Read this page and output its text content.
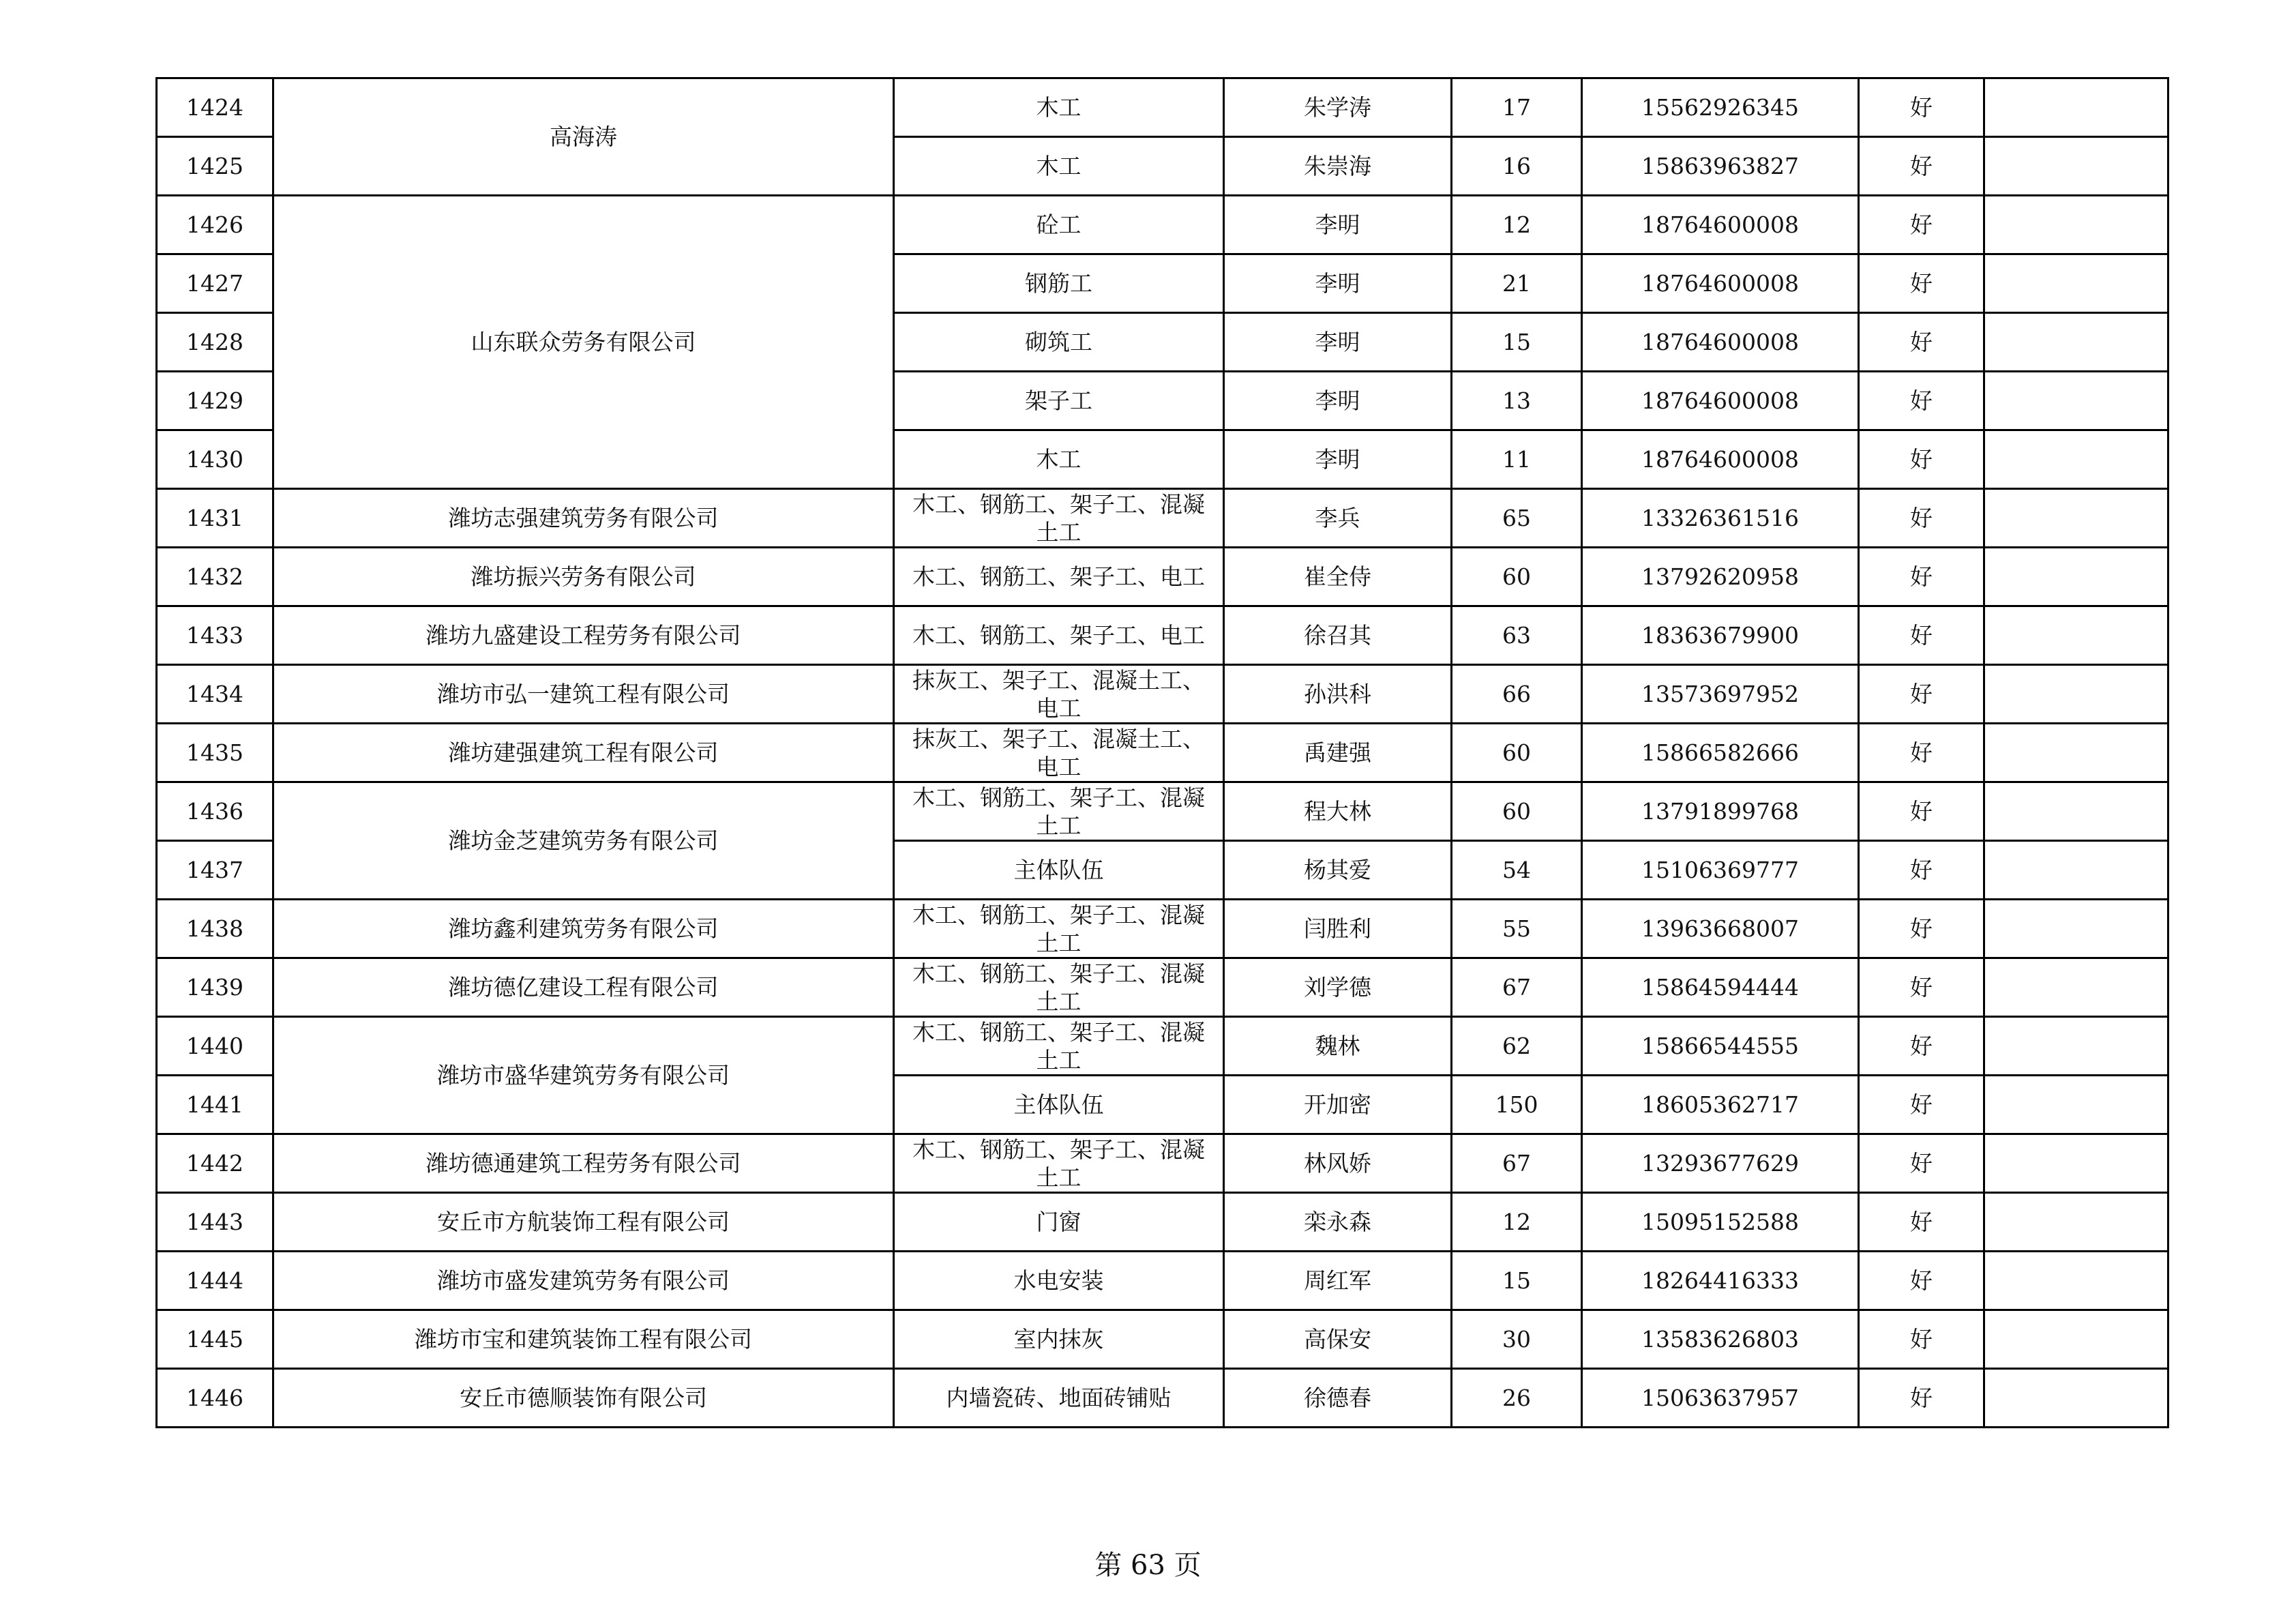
1424	高海涛	木工	朱学涛	17	15562926345	好	
1425		木工	朱崇海	16	15863963827	好	
1426	山东联众劳务有限公司	砼工	李明	12	18764600008	好	
1427		钢筋工	李明	21	18764600008	好	
1428		砌筑工	李明	15	18764600008	好	
1429		架子工	李明	13	18764600008	好	
1430		木工	李明	11	18764600008	好	
1431	潍坊志强建筑劳务有限公司	木工、钢筋工、架子工、混凝土工	李兵	65	13326361516	好	
1432	潍坊振兴劳务有限公司	木工、钢筋工、架子工、电工	崔全侍	60	13792620958	好	
1433	潍坊九盛建设工程劳务有限公司	木工、钢筋工、架子工、电工	徐召其	63	18363679900	好	
1434	潍坊市弘一建筑工程有限公司	抹灰工、架子工、混凝土工、电工	孙洪科	66	13573697952	好	
1435	潍坊建强建筑工程有限公司	抹灰工、架子工、混凝土工、电工	禹建强	60	15866582666	好	
1436	潍坊金芝建筑劳务有限公司	木工、钢筋工、架子工、混凝土工	程大林	60	13791899768	好	
1437		主体队伍	杨其爱	54	15106369777	好	
1438	潍坊鑫利建筑劳务有限公司	木工、钢筋工、架子工、混凝土工	闫胜利	55	13963668007	好	
1439	潍坊德亿建设工程有限公司	木工、钢筋工、架子工、混凝土工	刘学德	67	15864594444	好	
1440	潍坊市盛华建筑劳务有限公司	木工、钢筋工、架子工、混凝土工	魏林	62	15866544555	好	
1441		主体队伍	开加密	150	18605362717	好	
1442	潍坊德通建筑工程劳务有限公司	木工、钢筋工、架子工、混凝土工	林风娇	67	13293677629	好	
1443	安丘市方航装饰工程有限公司	门窗	栾永森	12	15095152588	好	
1444	潍坊市盛发建筑劳务有限公司	水电安装	周红军	15	18264416333	好	
1445	潍坊市宝和建筑装饰工程有限公司	室内抹灰	高保安	30	13583626803	好	
1446	安丘市德顺装饰有限公司	内墙瓷砖、地面砖铺贴	徐德春	26	15063637957	好	
第 63 页
